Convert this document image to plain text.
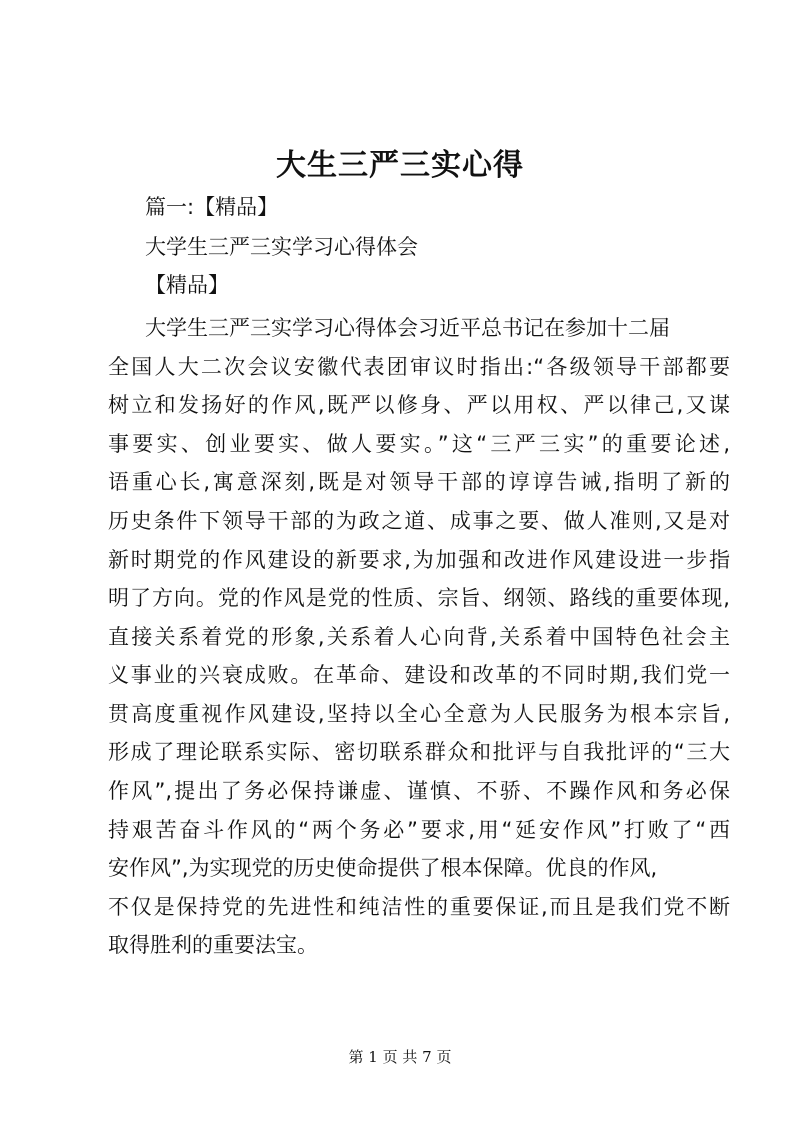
大生三严三实心得
篇一:【精品】
大学生三严三实学习心得体会
【精品】
大学生三严三实学习心得体会习近平总书记在参加十二届
全国人大二次会议安徽代表团审议时指出:“各级领导干部都要
树立和发扬好的作风,既严以修身、严以用权、严以律己,又谋
事要实、创业要实、做人要实。”这“三严三实”的重要论述,
语重心长,寓意深刻,既是对领导干部的谆谆告诫,指明了新的
历史条件下领导干部的为政之道、成事之要、做人准则,又是对
新时期党的作风建设的新要求,为加强和改进作风建设进一步指
明了方向。党的作风是党的性质、宗旨、纲领、路线的重要体现,
直接关系着党的形象,关系着人心向背,关系着中国特色社会主
义事业的兴衰成败。在革命、建设和改革的不同时期,我们党一
贯高度重视作风建设,坚持以全心全意为人民服务为根本宗旨,
形成了理论联系实际、密切联系群众和批评与自我批评的“三大
作风”,提出了务必保持谦虚、谨慎、不骄、不躁作风和务必保
持艰苦奋斗作风的“两个务必”要求,用“延安作风”打败了“西
安作风”,为实现党的历史使命提供了根本保障。优良的作风,
不仅是保持党的先进性和纯洁性的重要保证,而且是我们党不断
取得胜利的重要法宝。
第 1 页 共 7 页
